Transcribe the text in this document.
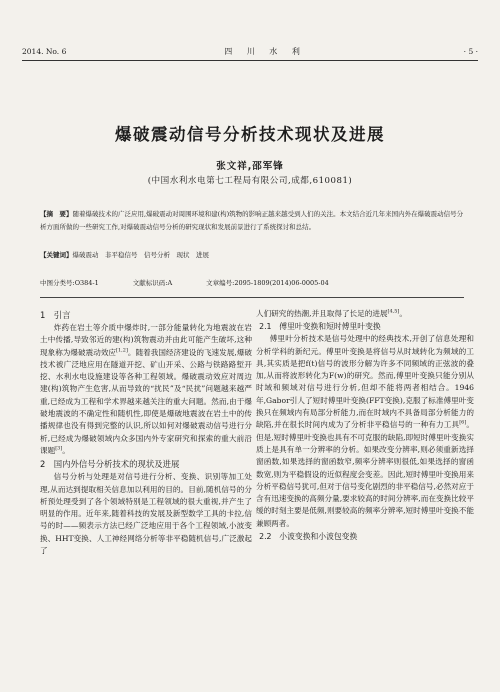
2014. No. 6	四 川 水 利	· 5 ·
爆破震动信号分析技术现状及进展
张文祥,邵军锋
(中国水利水电第七工程局有限公司,成都,610081)
【摘　要】随着爆破技术的广泛应用,爆破震动对周围环境和建(构)筑物的影响正越来越受到人们的关注。本文结合近几年来国内外在爆破震动信号分析方面所做的一些研究工作,对爆破震动信号分析的研究现状和发展前景进行了系统探讨和总结。
【关键词】爆破震动　非平稳信号　信号分析　现状　进展
中图分类号:O384-1	文献标识码:A	文章编号:2095-1809(2014)06-0005-04
1　引言

炸药在岩土等介质中爆炸时,一部分能量转化为地震波在岩土中传播,导致邻近的建(构)筑物震动并由此可能产生破坏,这种现象称为爆破震动效应[1,2]。随着我国经济建设的飞速发展,爆破技术被广泛地应用在隧道开挖、矿山开采、公路与铁路路堑开挖、水利水电设施建设等各种工程领域。爆破震动效应对周边建(构)筑物产生危害,从而导致的“扰民”及“民扰”问题越来越严重,已经成为工程和学术界越来越关注的重大问题。然而,由于爆破地震波的不确定性和随机性,即使是爆破地震波在岩土中的传播规律也没有得到完整的认识,所以如何对爆破震动信号进行分析,已经成为爆破领域内众多国内外专家研究和探索的重大前沿课题[3]。

2　国内外信号分析技术的现状及进展

信号分析与处理是对信号进行分析、变换、识别等加工处理,从而达到提取相关信息加以利用的目的。目前,随机信号的分析预处理受到了各个领域特别是工程领域的很大重视,并产生了明显的作用。近年来,随着科技的发展及新型数学工具的卡拉,信号的时——频表示方法已经广泛地应用于各个工程领域,小波变换、HHT变换、人工神经网络分析等非平稳随机信号,广泛激起了

人们研究的热潮,并且取得了长足的进展[4,5]。

2.1　傅里叶变换和短时傅里叶变换

傅里叶分析技术是信号处理中的经典技术,开创了信息处理和分析学科的新纪元。傅里叶变换是将信号从时域转化为频域的工具,其实质是把f(t)信号的波形分解为许多不同频域的正弦波的叠加,从而将波形转化为F(w)的研究。然而,傅里叶变换只能分别从时域和频域对信号进行分析,但却不能将两者相结合。1946年,Gabor引人了短时傅里叶变换(FFT变换),克服了标准傅里叶变换只在频域内有局部分析能力,而在时域内不具备局部分析能力的缺陷,并在很长时间内成为了分析非平稳信号的一种有力工具[6]。但是,短时傅里叶变换也具有不可克服的缺陷,即短时傅里叶变换实质上是具有单一分辨率的分析。如果改变分辨率,则必须重新选择窗函数,如果选择的窗函数窄,频率分辨率则很低,如果选择的窗函数宽,则为平稳假设的近似程度会变差。因此,短时傅里叶变换用来分析平稳信号犹可,但对于信号变化剧烈的非平稳信号,必然对应于含有迅速变换的高频分量,要求较高的时间分辨率,而在变换比较平缓的时刻主要是低频,则要较高的频率分辨率,短时傅里叶变换不能兼顾两者。

2.2　小波变换和小波包变换
